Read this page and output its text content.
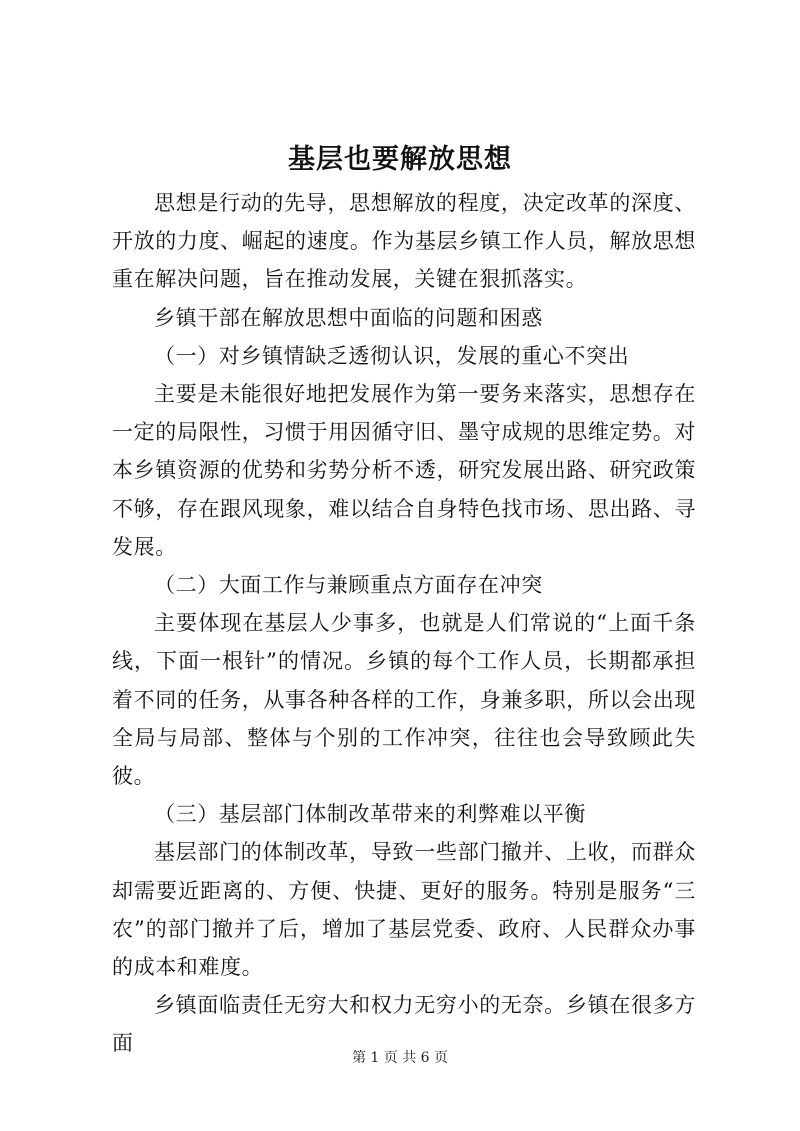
基层也要解放思想

思想是行动的先导，思想解放的程度，决定改革的深度、开放的力度、崛起的速度。作为基层乡镇工作人员，解放思想重在解决问题，旨在推动发展，关键在狠抓落实。

乡镇干部在解放思想中面临的问题和困惑

（一）对乡镇情缺乏透彻认识，发展的重心不突出

主要是未能很好地把发展作为第一要务来落实，思想存在一定的局限性，习惯于用因循守旧、墨守成规的思维定势。对本乡镇资源的优势和劣势分析不透，研究发展出路、研究政策不够，存在跟风现象，难以结合自身特色找市场、思出路、寻发展。

（二）大面工作与兼顾重点方面存在冲突

主要体现在基层人少事多，也就是人们常说的“上面千条线，下面一根针”的情况。乡镇的每个工作人员，长期都承担着不同的任务，从事各种各样的工作，身兼多职，所以会出现全局与局部、整体与个别的工作冲突，往往也会导致顾此失彼。

（三）基层部门体制改革带来的利弊难以平衡

基层部门的体制改革，导致一些部门撤并、上收，而群众却需要近距离的、方便、快捷、更好的服务。特别是服务“三农”的部门撤并了后，增加了基层党委、政府、人民群众办事的成本和难度。

乡镇面临责任无穷大和权力无穷小的无奈。乡镇在很多方面

第 1 页 共 6 页
